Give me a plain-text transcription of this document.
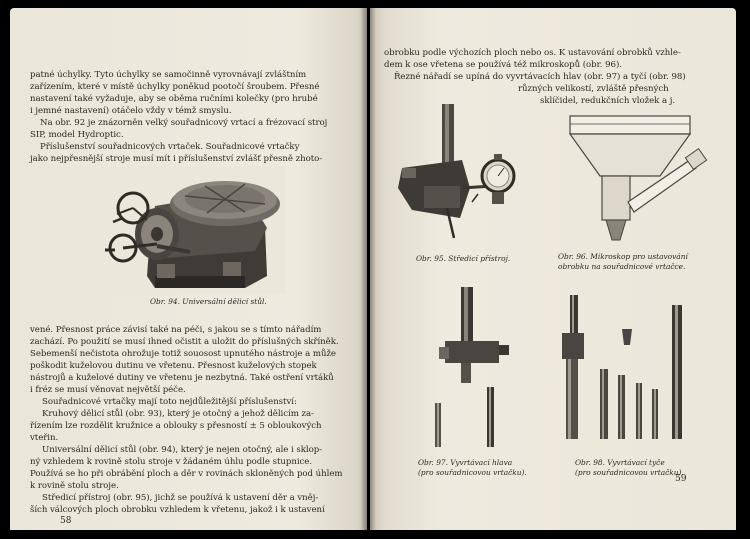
patné úchylky. Tyto úchylky se samočinně vyrovnávají zvláštním
zařízením, které v místě úchylky poněkud pootočí šroubem. Přesné
nastavení také vyžaduje, aby se oběma ručními kolečky (pro hrubé
i jemné nastavení) otáčelo vždy v témž smyslu.
Na obr. 92 je znázorněn velký souřadnicový vrtací a frézovací stroj
SIP, model Hydroptic.
Příslušenství souřadnicových vrtaček. Souřadnicové vrtačky
jako nejpřesnější stroje musí mít i příslušenství zvlášť přesně zhoto-
Obr. 94. Universální dělicí stůl.
vené. Přesnost práce závisí také na péči, s jakou se s tímto nářadím
zachází. Po použití se musí ihned očistit a uložit do příslušných skříněk.
Sebemenší nečistota ohrožuje totiž souosost upnutého nástroje a může
poškodit kuželovou dutinu ve vřetenu. Přesnost kuželových stopek
nástrojů a kuželové dutiny ve vřetenu je nezbytná. Také ostření vrtáků
i fréz se musí věnovat největší péče.
Souřadnicové vrtačky mají toto nejdůležitější příslušenství:
Kruhový dělicí stůl (obr. 93), který je otočný a jehož dělicím za-
řízením lze rozdělit kružnice a oblouky s přesností ± 5 obloukových
vteřin.
Universální dělicí stůl (obr. 94), který je nejen otočný, ale i sklop-
ný vzhledem k rovině stolu stroje v žádaném úhlu podle stupnice.
Používá se ho při obrábění ploch a děr v rovinách skloněných pod úhlem
k rovině stolu stroje.
Středicí přístroj (obr. 95), jichž se používá k ustavení děr a vněj-
ších válcových ploch obrobku vzhledem k vřetenu, jakož i k ustavení
58
obrobku podle výchozích ploch nebo os. K ustavování obrobků vzhle-
dem k ose vřetena se používá též mikroskopů (obr. 96).
Řezné nářadí se upíná do vyvrtávacích hlav (obr. 97) a tyčí (obr. 98)
různých velikostí, zvláště přesných
sklíčidel, redukčních vložek a j.
Obr. 95. Středicí přístroj.	Obr. 96. Mikroskop pro ustavování
obrobku na souřadnicové vrtačce.
Obr. 97. Vyvrtávací hlava
(pro souřadnicovou vrtačku).
Obr. 98. Vyvrtávací tyče
(pro souřadnicovou vrtačku).
59
